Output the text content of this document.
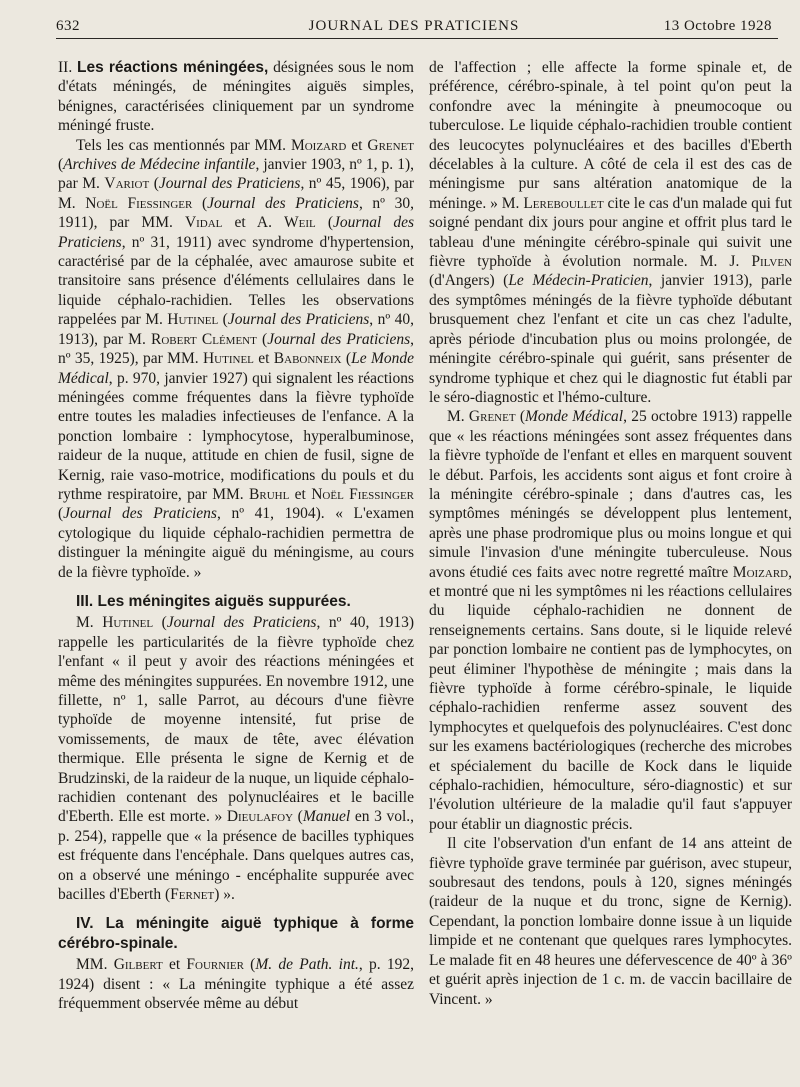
632	JOURNAL DES PRATICIENS	13 Octobre 1928

II. Les réactions méningées, désignées sous le nom d'états méningés, de méningites aiguës simples, bénignes, caractérisées cliniquement par un syndrome méningé fruste.

Tels les cas mentionnés par MM. Moizard et Grenet (Archives de Médecine infantile, janvier 1903, nº 1, p. 1), par M. Variot (Journal des Praticiens, nº 45, 1906), par M. Noël Fiessinger (Journal des Praticiens, nº 30, 1911), par MM. Vidal et A. Weil (Journal des Praticiens, nº 31, 1911) avec syndrome d'hypertension, caractérisé par de la céphalée, avec amaurose subite et transitoire sans présence d'éléments cellulaires dans le liquide céphalo-rachidien. Telles les observations rappelées par M. Hutinel (Journal des Praticiens, nº 40, 1913), par M. Robert Clément (Journal des Praticiens, nº 35, 1925), par MM. Hutinel et Babonneix (Le Monde Médical, p. 970, janvier 1927) qui signalent les réactions méningées comme fréquentes dans la fièvre typhoïde entre toutes les maladies infectieuses de l'enfance. A la ponction lombaire : lymphocytose, hyperalbuminose, raideur de la nuque, attitude en chien de fusil, signe de Kernig, raie vaso-motrice, modifications du pouls et du rythme respiratoire, par MM. Bruhl et Noël Fiessinger (Journal des Praticiens, nº 41, 1904). « L'examen cytologique du liquide céphalo-rachidien permettra de distinguer la méningite aiguë du méningisme, au cours de la fièvre typhoïde. »

III. Les méningites aiguës suppurées.

M. Hutinel (Journal des Praticiens, nº 40, 1913) rappelle les particularités de la fièvre typhoïde chez l'enfant « il peut y avoir des réactions méningées et même des méningites suppurées. En novembre 1912, une fillette, nº 1, salle Parrot, au décours d'une fièvre typhoïde de moyenne intensité, fut prise de vomissements, de maux de tête, avec élévation thermique. Elle présenta le signe de Kernig et de Brudzinski, de la raideur de la nuque, un liquide céphalo-rachidien contenant des polynucléaires et le bacille d'Eberth. Elle est morte. » Dieulafoy (Manuel en 3 vol., p. 254), rappelle que « la présence de bacilles typhiques est fréquente dans l'encéphale. Dans quelques autres cas, on a observé une méningo - encéphalite suppurée avec bacilles d'Eberth (Fernet) ».

IV. La méningite aiguë typhique à forme cérébro-spinale.

MM. Gilbert et Fournier (M. de Path. int., p. 192, 1924) disent : « La méningite typhique a été assez fréquemment observée même au début

de l'affection ; elle affecte la forme spinale et, de préférence, cérébro-spinale, à tel point qu'on peut la confondre avec la méningite à pneumocoque ou tuberculose. Le liquide céphalo-rachidien trouble contient des leucocytes polynucléaires et des bacilles d'Eberth décelables à la culture. A côté de cela il est des cas de méningisme pur sans altération anatomique de la méninge. » M. Lereboullet cite le cas d'un malade qui fut soigné pendant dix jours pour angine et offrit plus tard le tableau d'une méningite cérébro-spinale qui suivit une fièvre typhoïde à évolution normale. M. J. Pilven (d'Angers) (Le Médecin-Praticien, janvier 1913), parle des symptômes méningés de la fièvre typhoïde débutant brusquement chez l'enfant et cite un cas chez l'adulte, après période d'incubation plus ou moins prolongée, de méningite cérébro-spinale qui guérit, sans présenter de syndrome typhique et chez qui le diagnostic fut établi par le séro-diagnostic et l'hémo-culture.

M. Grenet (Monde Médical, 25 octobre 1913) rappelle que « les réactions méningées sont assez fréquentes dans la fièvre typhoïde de l'enfant et elles en marquent souvent le début. Parfois, les accidents sont aigus et font croire à la méningite cérébro-spinale ; dans d'autres cas, les symptômes méningés se développent plus lentement, après une phase prodromique plus ou moins longue et qui simule l'invasion d'une méningite tuberculeuse. Nous avons étudié ces faits avec notre regretté maître Moizard, et montré que ni les symptômes ni les réactions cellulaires du liquide céphalo-rachidien ne donnent de renseignements certains. Sans doute, si le liquide relevé par ponction lombaire ne contient pas de lymphocytes, on peut éliminer l'hypothèse de méningite ; mais dans la fièvre typhoïde à forme cérébro-spinale, le liquide céphalo-rachidien renferme assez souvent des lymphocytes et quelquefois des polynucléaires. C'est donc sur les examens bactériologiques (recherche des microbes et spécialement du bacille de Kock dans le liquide céphalo-rachidien, hémoculture, séro-diagnostic) et sur l'évolution ultérieure de la maladie qu'il faut s'appuyer pour établir un diagnostic précis.

Il cite l'observation d'un enfant de 14 ans atteint de fièvre typhoïde grave terminée par guérison, avec stupeur, soubresaut des tendons, pouls à 120, signes méningés (raideur de la nuque et du tronc, signe de Kernig). Cependant, la ponction lombaire donne issue à un liquide limpide et ne contenant que quelques rares lymphocytes. Le malade fit en 48 heures une défervescence de 40º à 36º et guérit après injection de 1 c. m. de vaccin bacillaire de Vincent. »
